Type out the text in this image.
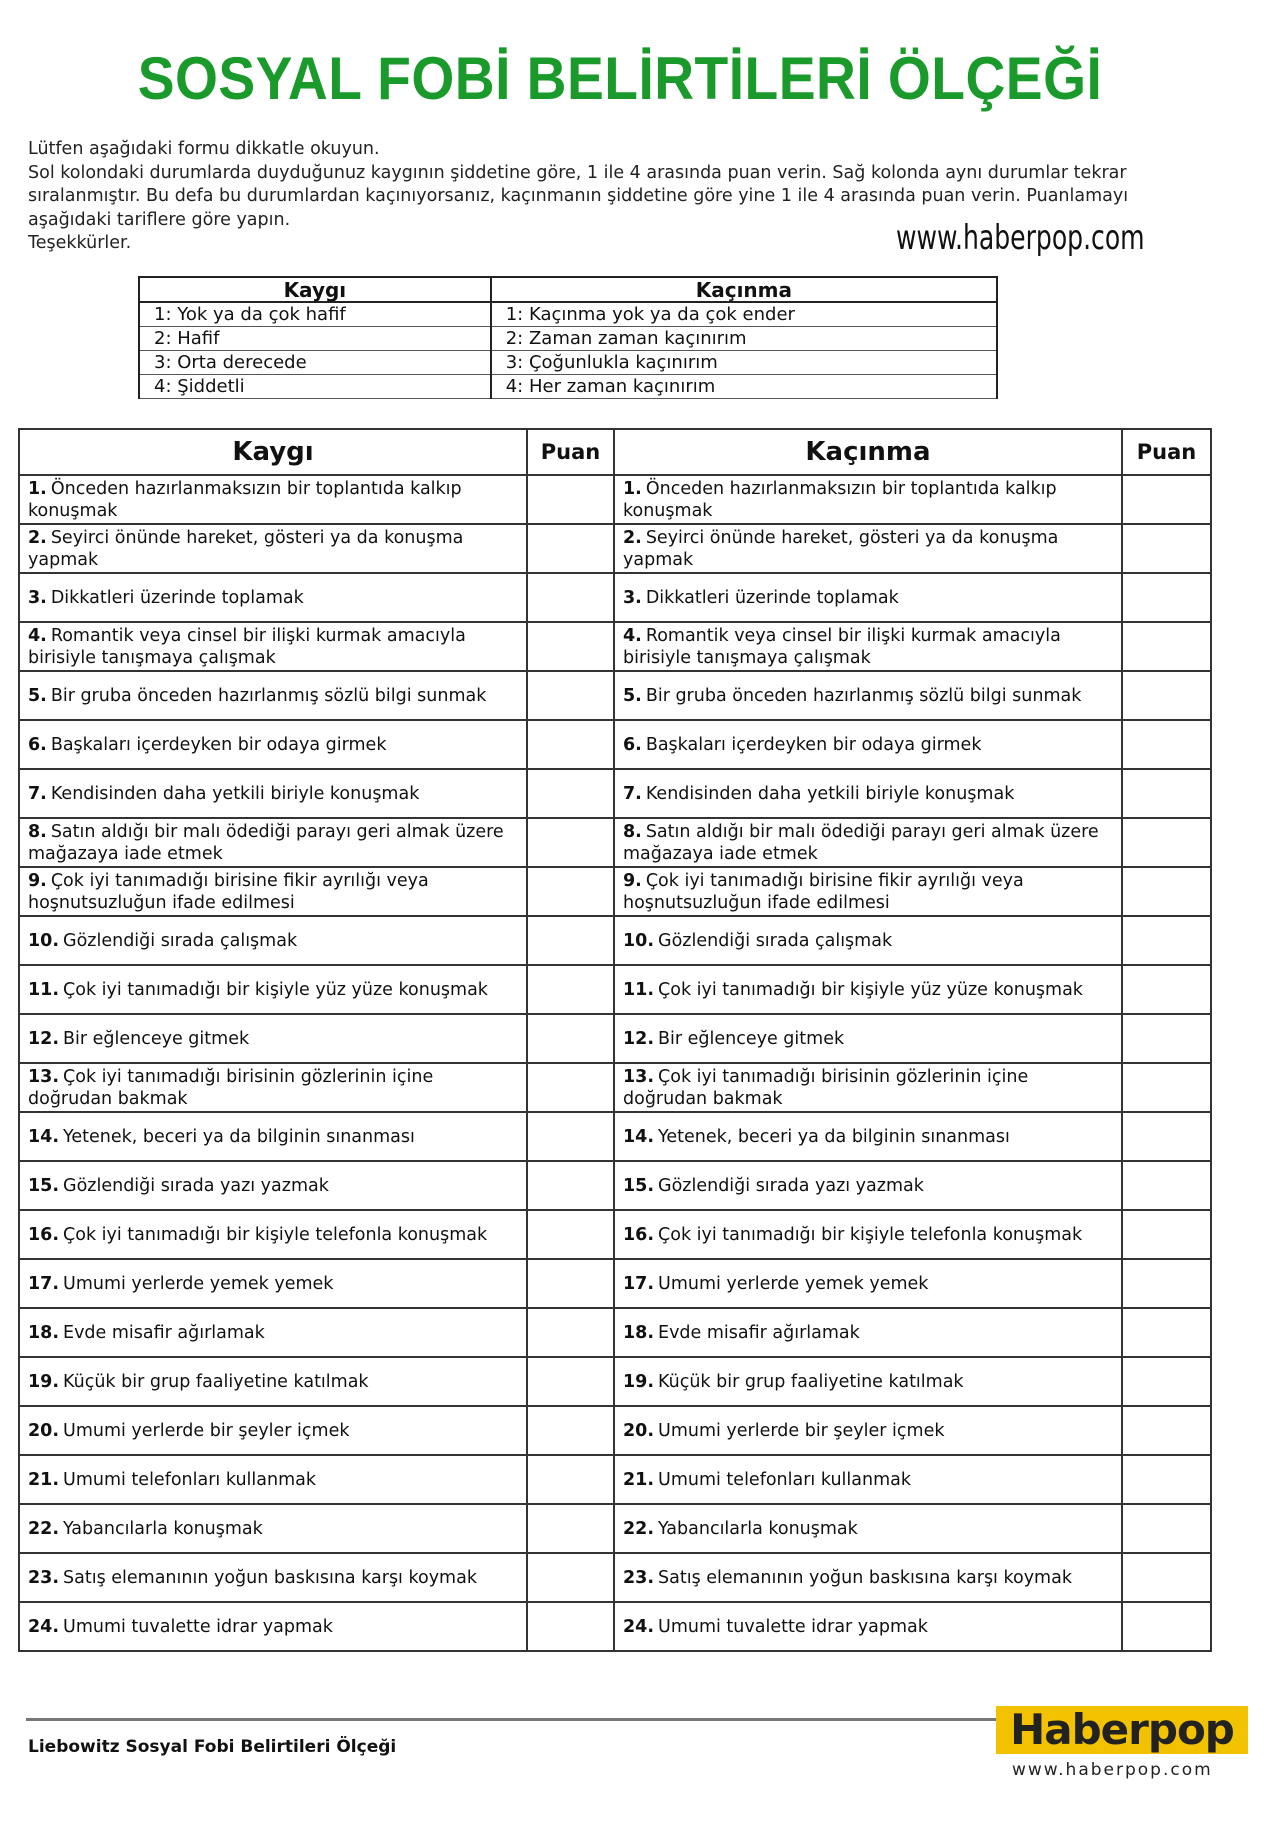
SOSYAL FOBİ BELİRTİLERİ ÖLÇEĞİ

Lütfen aşağıdaki formu dikkatle okuyun.

Sol kolondaki durumlarda duyduğunuz kaygının şiddetine göre, 1 ile 4 arasında puan verin. Sağ kolonda aynı durumlar tekrar sıralanmıştır. Bu defa bu durumlardan kaçınıyorsanız, kaçınmanın şiddetine göre yine 1 ile 4 arasında puan verin. Puanlamayı aşağıdaki tariflere göre yapın.

Teşekkürler.	www.haberpop.com
Kaygı	Kaçınma
1: Yok ya da çok hafif	1: Kaçınma yok ya da çok ender
2: Hafif	2: Zaman zaman kaçınırım
3: Orta derecede	3: Çoğunlukla kaçınırım
4: Şiddetli	4: Her zaman kaçınırım
Kaygı	Puan	Kaçınma	Puan
1. Önceden hazırlanmaksızın bir toplantıda kalkıp konuşmak		1. Önceden hazırlanmaksızın bir toplantıda kalkıp konuşmak	
2. Seyirci önünde hareket, gösteri ya da konuşma yapmak		2. Seyirci önünde hareket, gösteri ya da konuşma yapmak	
3. Dikkatleri üzerinde toplamak		3. Dikkatleri üzerinde toplamak	
4. Romantik veya cinsel bir ilişki kurmak amacıyla birisiyle tanışmaya çalışmak		4. Romantik veya cinsel bir ilişki kurmak amacıyla birisiyle tanışmaya çalışmak	
5. Bir gruba önceden hazırlanmış sözlü bilgi sunmak		5. Bir gruba önceden hazırlanmış sözlü bilgi sunmak	
6. Başkaları içerdeyken bir odaya girmek		6. Başkaları içerdeyken bir odaya girmek	
7. Kendisinden daha yetkili biriyle konuşmak		7. Kendisinden daha yetkili biriyle konuşmak	
8. Satın aldığı bir malı ödediği parayı geri almak üzere mağazaya iade etmek		8. Satın aldığı bir malı ödediği parayı geri almak üzere mağazaya iade etmek	
9. Çok iyi tanımadığı birisine fikir ayrılığı veya hoşnutsuzluğun ifade edilmesi		9. Çok iyi tanımadığı birisine fikir ayrılığı veya hoşnutsuzluğun ifade edilmesi	
10. Gözlendiği sırada çalışmak		10. Gözlendiği sırada çalışmak	
11. Çok iyi tanımadığı bir kişiyle yüz yüze konuşmak		11. Çok iyi tanımadığı bir kişiyle yüz yüze konuşmak	
12. Bir eğlenceye gitmek		12. Bir eğlenceye gitmek	
13. Çok iyi tanımadığı birisinin gözlerinin içine doğrudan bakmak		13. Çok iyi tanımadığı birisinin gözlerinin içine doğrudan bakmak	
14. Yetenek, beceri ya da bilginin sınanması		14. Yetenek, beceri ya da bilginin sınanması	
15. Gözlendiği sırada yazı yazmak		15. Gözlendiği sırada yazı yazmak	
16. Çok iyi tanımadığı bir kişiyle telefonla konuşmak		16. Çok iyi tanımadığı bir kişiyle telefonla konuşmak	
17. Umumi yerlerde yemek yemek		17. Umumi yerlerde yemek yemek	
18. Evde misafir ağırlamak		18. Evde misafir ağırlamak	
19. Küçük bir grup faaliyetine katılmak		19. Küçük bir grup faaliyetine katılmak	
20. Umumi yerlerde bir şeyler içmek		20. Umumi yerlerde bir şeyler içmek	
21. Umumi telefonları kullanmak		21. Umumi telefonları kullanmak	
22. Yabancılarla konuşmak		22. Yabancılarla konuşmak	
23. Satış elemanının yoğun baskısına karşı koymak		23. Satış elemanının yoğun baskısına karşı koymak	
24. Umumi tuvalette idrar yapmak		24. Umumi tuvalette idrar yapmak	
Liebowitz Sosyal Fobi Belirtileri Ölçeği	Haberpop
www.haberpop.com
